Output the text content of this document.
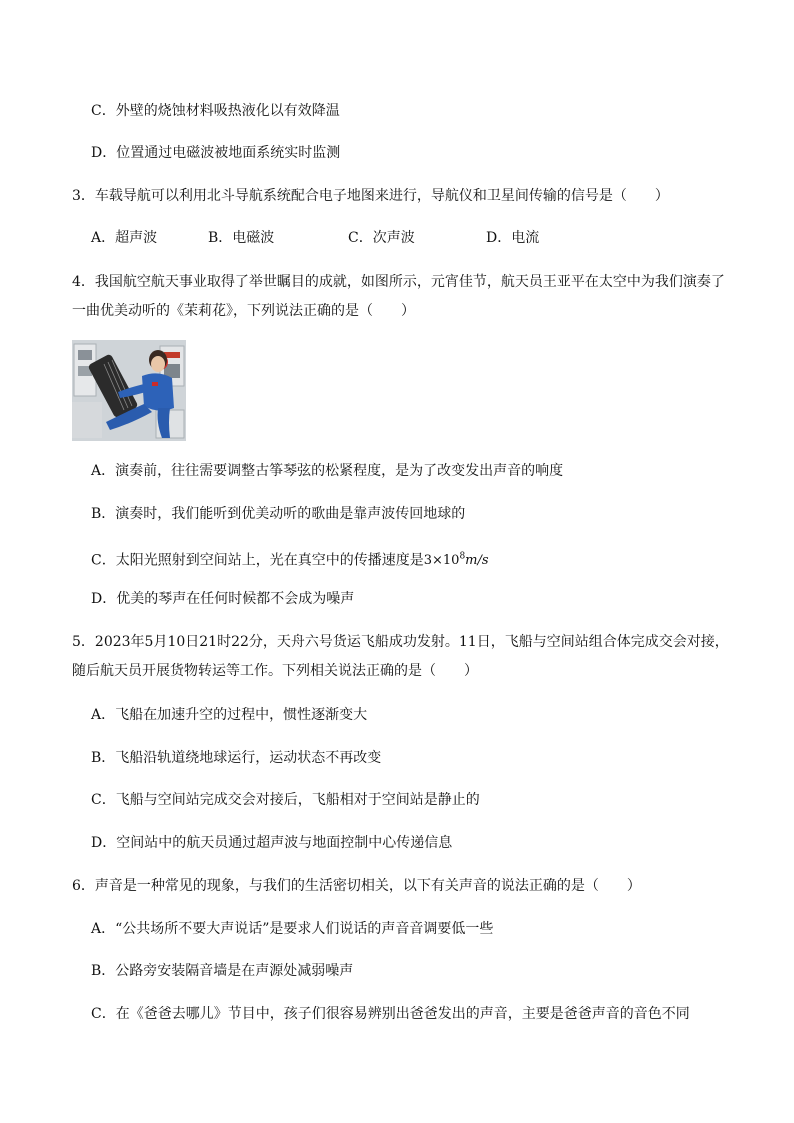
C．外壁的烧蚀材料吸热液化以有效降温
D．位置通过电磁波被地面系统实时监测
3．车载导航可以利用北斗导航系统配合电子地图来进行，导航仪和卫星间传输的信号是（　　）
A．超声波	B．电磁波	C．次声波	D．电流
4．我国航空航天事业取得了举世瞩目的成就，如图所示，元宵佳节，航天员王亚平在太空中为我们演奏了
一曲优美动听的《茉莉花》，下列说法正确的是（　　）
A．演奏前，往往需要调整古筝琴弦的松紧程度，是为了改变发出声音的响度
B．演奏时，我们能听到优美动听的歌曲是靠声波传回地球的
C．太阳光照射到空间站上，光在真空中的传播速度是$3\times 10^8m/s$
D．优美的琴声在任何时候都不会成为噪声
5．2023年5月10日21时22分，天舟六号货运飞船成功发射。11日，飞船与空间站组合体完成交会对接，
随后航天员开展货物转运等工作。下列相关说法正确的是（　　）
A．飞船在加速升空的过程中，惯性逐渐变大
B．飞船沿轨道绕地球运行，运动状态不再改变
C．飞船与空间站完成交会对接后，飞船相对于空间站是静止的
D．空间站中的航天员通过超声波与地面控制中心传递信息
6．声音是一种常见的现象，与我们的生活密切相关，以下有关声音的说法正确的是（　　）
A．“公共场所不要大声说话”是要求人们说话的声音音调要低一些
B．公路旁安装隔音墙是在声源处减弱噪声
C．在《爸爸去哪儿》节目中，孩子们很容易辨别出爸爸发出的声音，主要是爸爸声音的音色不同
